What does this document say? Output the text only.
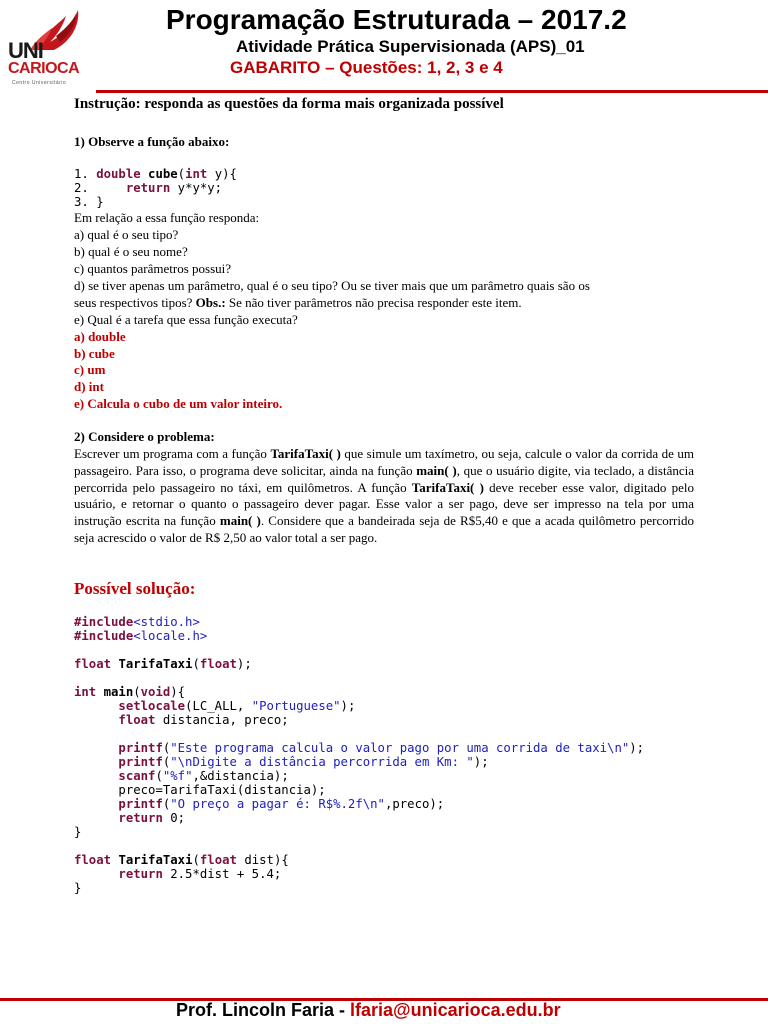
UNI
CARIOCA
Centro Universitário
Programação Estruturada – 2017.2
Atividade Prática Supervisionada (APS)_01
GABARITO – Questões: 1, 2, 3 e 4
Instrução: responda as questões da forma mais organizada possível
1) Observe a função abaixo:
1. double cube(int y){
2.	return y*y*y;
3. }
Em relação a essa função responda:
a) qual é o seu tipo?
b) qual é o seu nome?
c) quantos parâmetros possui?
d) se tiver apenas um parâmetro, qual é o seu tipo? Ou se tiver mais que um parâmetro quais são os
seus respectivos tipos? Obs.: Se não tiver parâmetros não precisa responder este item.
e) Qual é a tarefa que essa função executa?
a) double
b) cube
c) um
d) int
e) Calcula o cubo de um valor inteiro.
2) Considere o problema:
Escrever um programa com a função TarifaTaxi( ) que simule um taxímetro, ou seja, calcule o valor da corrida de um passageiro. Para isso, o programa deve solicitar, ainda na função main( ), que o usuário digite, via teclado, a distância percorrida pelo passageiro no táxi, em quilômetros. A função TarifaTaxi( ) deve receber esse valor, digitado pelo usuário, e retornar o quanto o passageiro dever pagar. Esse valor a ser pago, deve ser impresso na tela por uma instrução escrita na função main( ). Considere que a bandeirada seja de R$5,40 e que a acada quilômetro percorrido seja acrescido o valor de R$ 2,50 ao valor total a ser pago.
Possível solução:
#include<stdio.h>
#include<locale.h>
float TarifaTaxi(float);
int main(void){
setlocale(LC_ALL, "Portuguese");
float distancia, preco;
printf("Este programa calcula o valor pago por uma corrida de taxi\n");
printf("\nDigite a distância percorrida em Km: ");
scanf("%f",&distancia);
preco=TarifaTaxi(distancia);
printf("O preço a pagar é: R$%.2f\n",preco);
return 0;
}
float TarifaTaxi(float dist){
return 2.5*dist + 5.4;
}
Prof. Lincoln Faria - lfaria@unicarioca.edu.br
